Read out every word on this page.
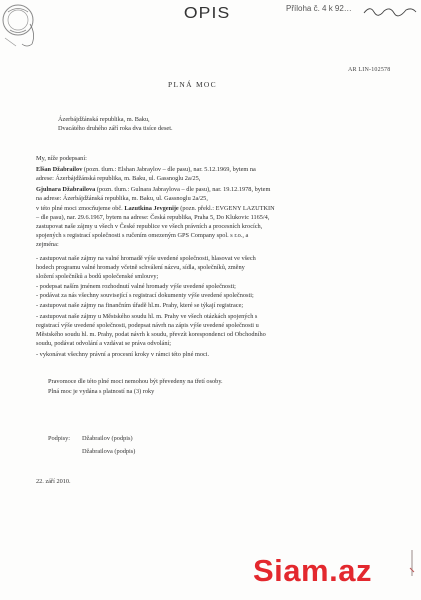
OPIS	Příloha č. 4 k 92…
AR LIN-102578
PLNÁ MOC
Ázerbájdžánská republika, m. Baku,
Dvacátého druhého září roka dva tisíce deset.
My, níže podepsaní:
Elšan Džabrailov (pozn. tlum.: Elshan Jabraylov – dle pasu), nar. 5.12.1969, bytem na
adrese: Ázerbájdžánská republika, m. Baku, ul. Gassnoglu 2a/25,
Gjulnara Džabrailova (pozn. tlum.: Gulnara Jabraylova – dle pasu), nar. 19.12.1978, bytem
na adrese: Ázerbájdžánská republika, m. Baku, ul. Gassnoglu 2a/25,
v této plné moci zmocňujeme obč. Lazutkina Jevgenije (pozn. překl.: EVGENY LAZUTKIN
– dle pasu), nar. 29.6.1967, bytem na adrese: Česká republika, Praha 5, Do Klukovic 1165/4,
zastupovat naše zájmy u všech v České republice ve všech právních a procesních krocích,
spojených s registrací společnosti s ručením omezeným GPS Company spol. s r.o., a
zejména:
- zastupovat naše zájmy na valné hromadě výše uvedené společnosti, hlasovat ve všech
hodech programu valné hromady včetně schválení názvu, sídla, společníků, změny
složení společníků a bodů společenské smlouvy;
- podepsat naším jménem rozhodnutí valné hromady výše uvedené společnosti;
- podávat za nás všechny související s registrací dokumenty výše uvedené společnosti;
- zastupovat naše zájmy na finančním úřadě hl.m. Prahy, které se týkají registrace;
- zastupovat naše zájmy u Městského soudu hl. m. Prahy ve všech otázkách spojených s
registrací výše uvedené společnosti, podepsat návrh na zápis výše uvedené společnosti u
Městského soudu hl. m. Prahy, podat návrh k soudu, převzít korespondenci od Obchodního
soudu, podávat odvolání a vzdávat se práva odvolání;
- vykonávat všechny právní a procesní kroky v rámci této plné moci.
Pravomoce dle této plné moci nemohou být převedeny na třetí osoby.
Plná moc je vydána s platností na (3) roky
Podpisy: Džabrailov (podpis)
Džabrailova (podpis)
22. září 2010.
Siam.az
